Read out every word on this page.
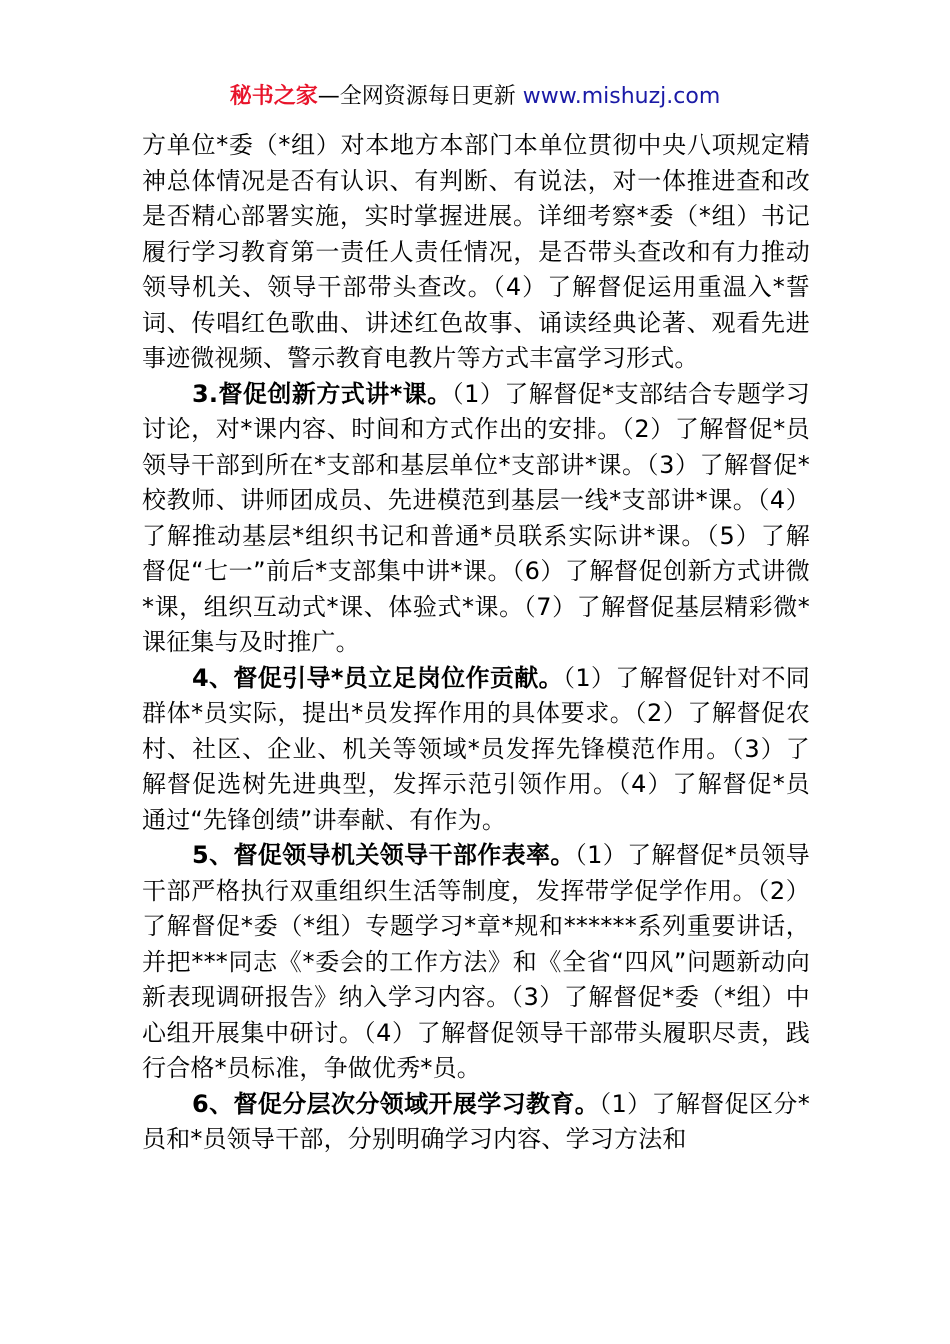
秘书之家—全网资源每日更新 www.mishuzj.com

方单位*委（*组）对本地方本部门本单位贯彻中央八项规定精神总体情况是否有认识、有判断、有说法，对一体推进查和改是否精心部署实施，实时掌握进展。详细考察*委（*组）书记履行学习教育第一责任人责任情况，是否带头查改和有力推动领导机关、领导干部带头查改。（4）了解督促运用重温入*誓词、传唱红色歌曲、讲述红色故事、诵读经典论著、观看先进事迹微视频、警示教育电教片等方式丰富学习形式。

3.督促创新方式讲*课。（1）了解督促*支部结合专题学习讨论，对*课内容、时间和方式作出的安排。（2）了解督促*员领导干部到所在*支部和基层单位*支部讲*课。（3）了解督促*校教师、讲师团成员、先进模范到基层一线*支部讲*课。（4）了解推动基层*组织书记和普通*员联系实际讲*课。（5）了解督促“七一”前后*支部集中讲*课。（6）了解督促创新方式讲微*课，组织互动式*课、体验式*课。（7）了解督促基层精彩微*课征集与及时推广。

4、督促引导*员立足岗位作贡献。（1）了解督促针对不同群体*员实际，提出*员发挥作用的具体要求。（2）了解督促农村、社区、企业、机关等领域*员发挥先锋模范作用。（3）了解督促选树先进典型，发挥示范引领作用。（4）了解督促*员通过“先锋创绩”讲奉献、有作为。

5、督促领导机关领导干部作表率。（1）了解督促*员领导干部严格执行双重组织生活等制度，发挥带学促学作用。（2）了解督促*委（*组）专题学习*章*规和******系列重要讲话，并把***同志《*委会的工作方法》和《全省“四风”问题新动向新表现调研报告》纳入学习内容。（3）了解督促*委（*组）中心组开展集中研讨。（4）了解督促领导干部带头履职尽责，践行合格*员标准，争做优秀*员。

6、督促分层次分领域开展学习教育。（1）了解督促区分*员和*员领导干部，分别明确学习内容、学习方法和
